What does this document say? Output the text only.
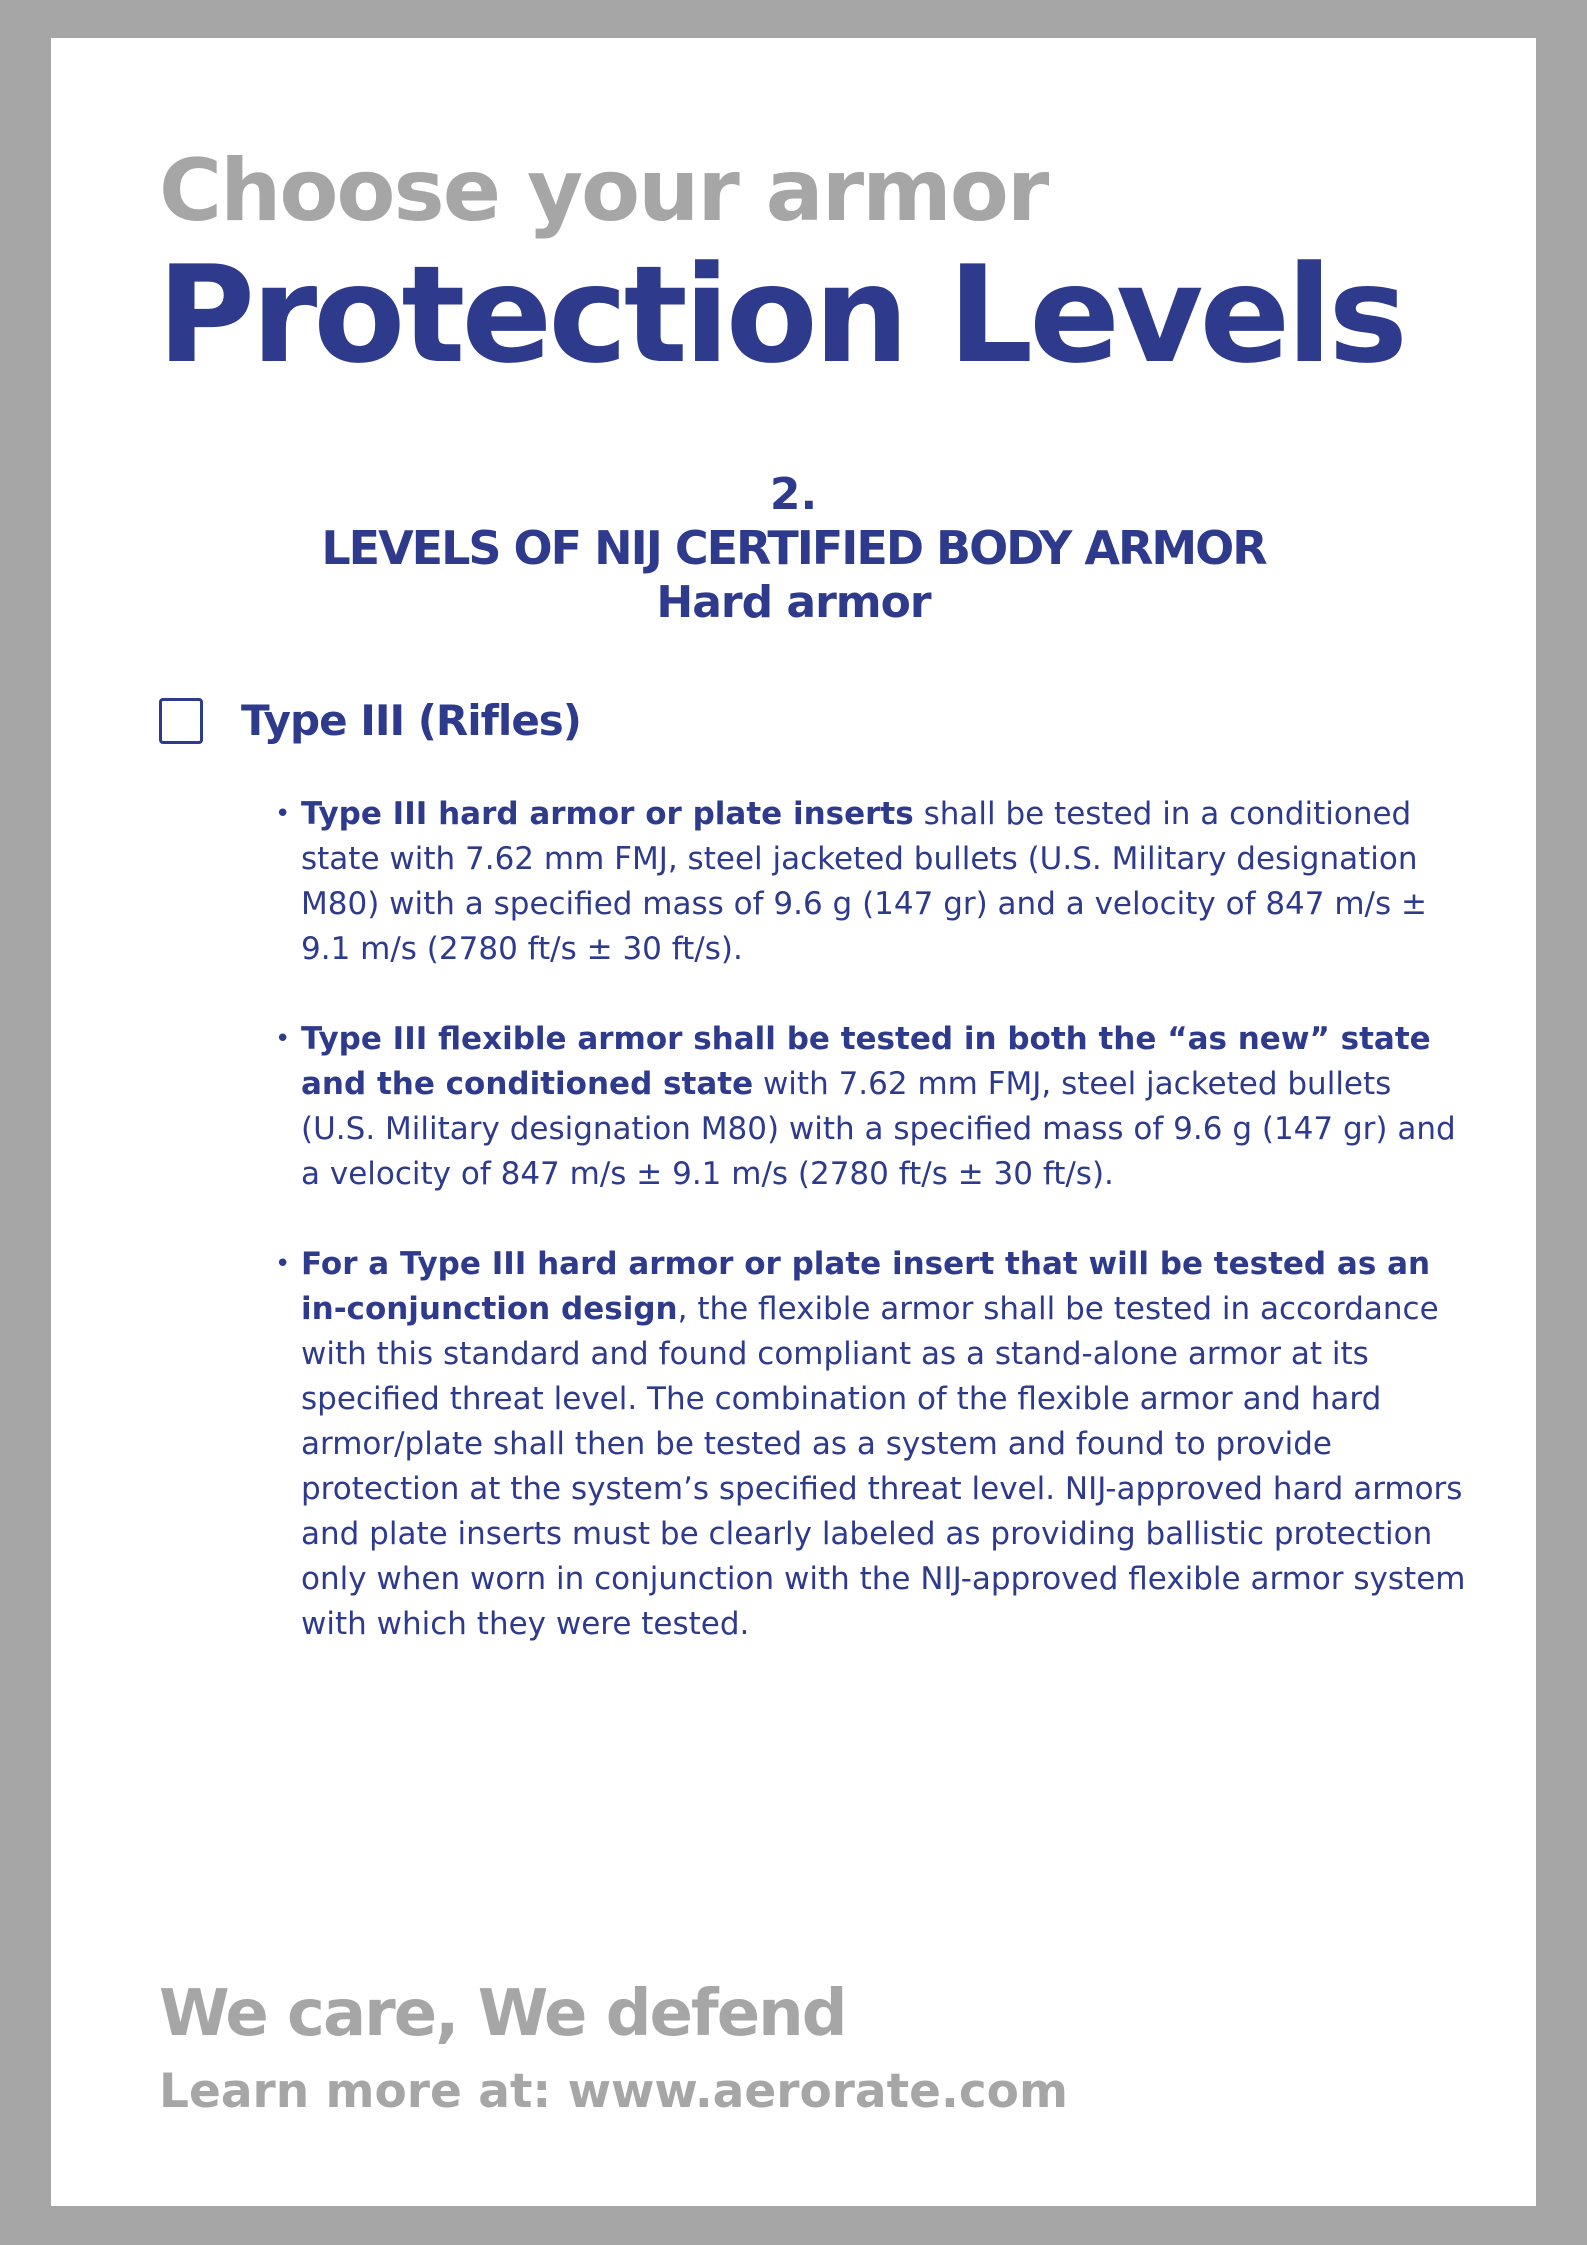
Choose your armor
Protection Levels
2.
LEVELS OF NIJ CERTIFIED BODY ARMOR
Hard armor
Type III (Rifles)
• Type III hard armor or plate inserts shall be tested in a conditioned state with 7.62 mm FMJ, steel jacketed bullets (U.S. Military designation M80) with a specified mass of 9.6 g (147 gr) and a velocity of 847 m/s ± 9.1 m/s (2780 ft/s ± 30 ft/s).
• Type III flexible armor shall be tested in both the “as new” state and the conditioned state with 7.62 mm FMJ, steel jacketed bullets (U.S. Military designation M80) with a specified mass of 9.6 g (147 gr) and a velocity of 847 m/s ± 9.1 m/s (2780 ft/s ± 30 ft/s).
• For a Type III hard armor or plate insert that will be tested as an in-conjunction design, the flexible armor shall be tested in accordance with this standard and found compliant as a stand-alone armor at its specified threat level. The combination of the flexible armor and hard armor/plate shall then be tested as a system and found to provide protection at the system’s specified threat level. NIJ-approved hard armors and plate inserts must be clearly labeled as providing ballistic protection only when worn in conjunction with the NIJ-approved flexible armor system with which they were tested.

We care, We defend

Learn more at: www.aerorate.com
